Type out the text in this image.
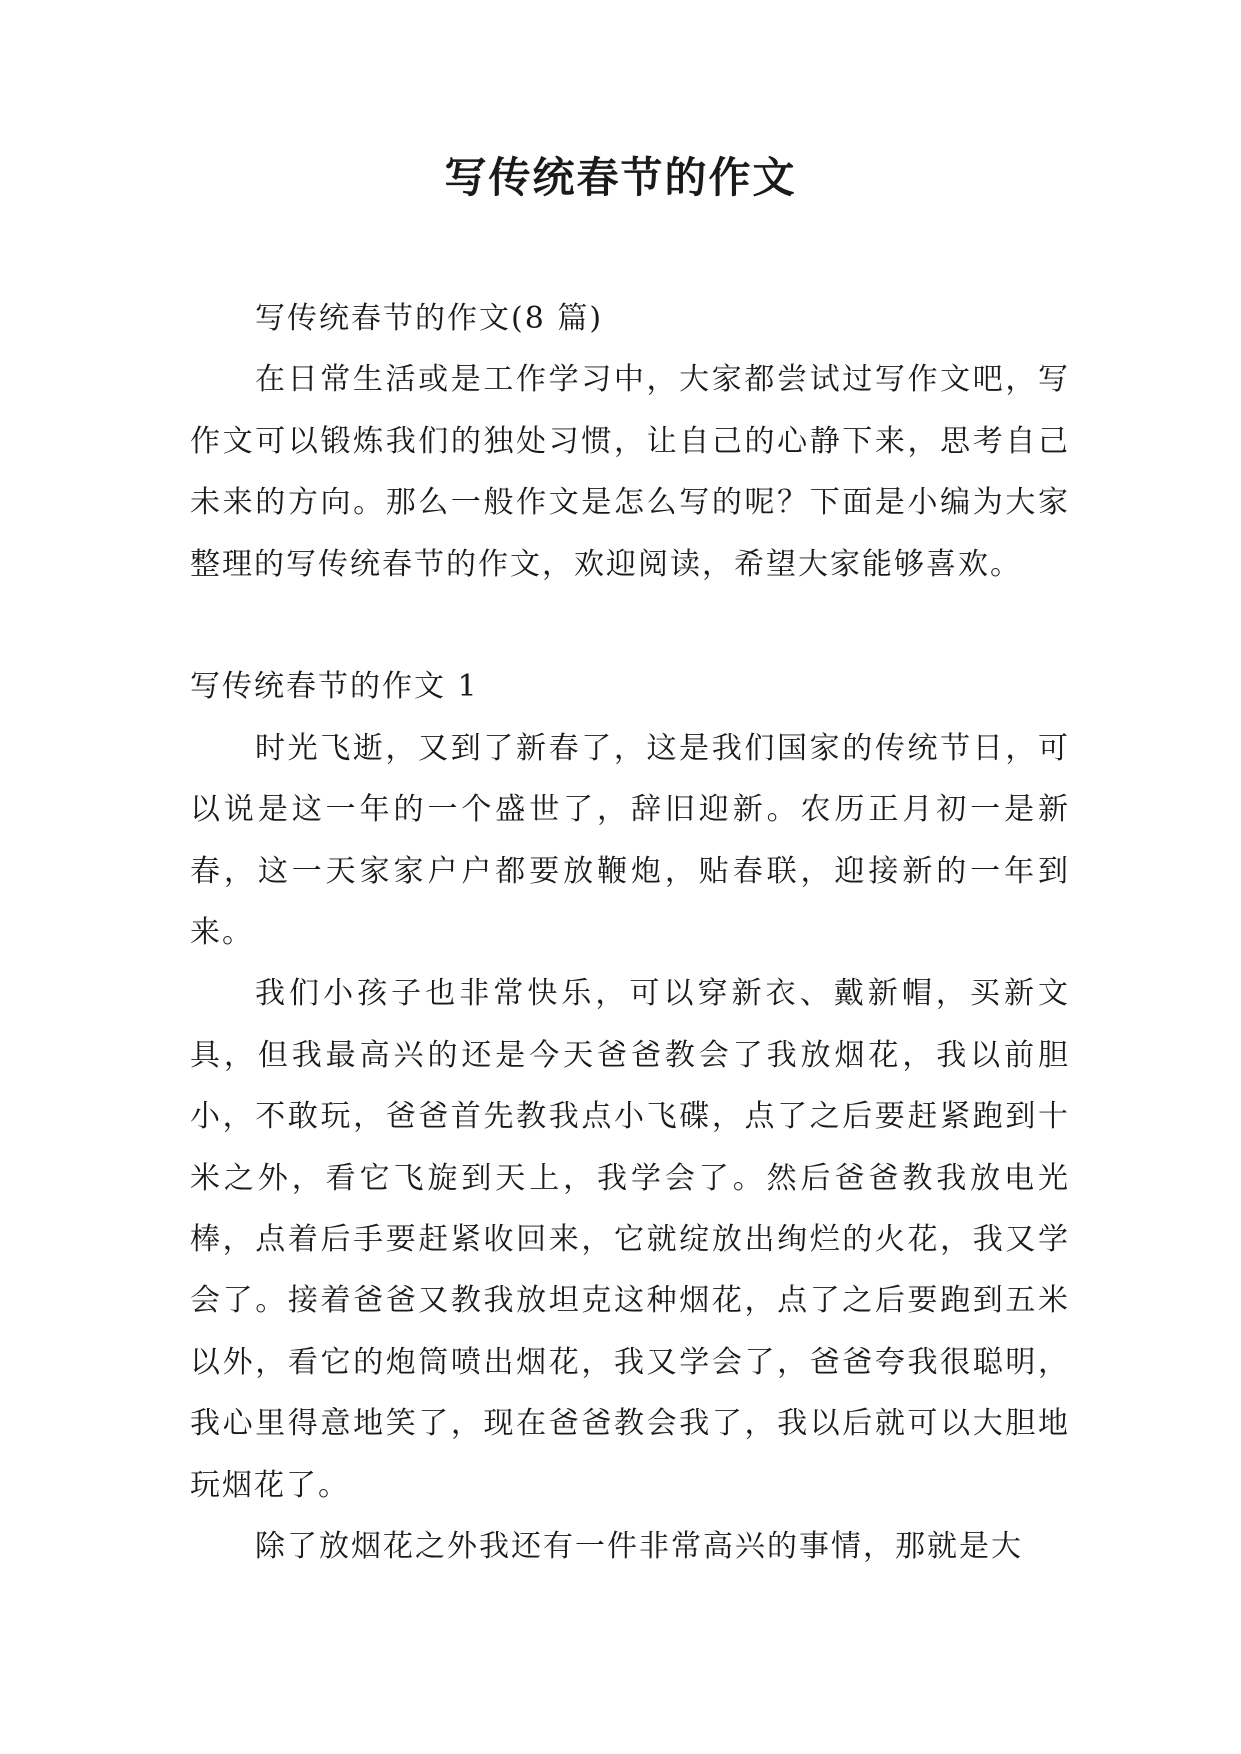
写传统春节的作文

写传统春节的作文(8 篇)

在日常生活或是工作学习中，大家都尝试过写作文吧，写作文可以锻炼我们的独处习惯，让自己的心静下来，思考自己未来的方向。那么一般作文是怎么写的呢？下面是小编为大家整理的写传统春节的作文，欢迎阅读，希望大家能够喜欢。

写传统春节的作文 1

时光飞逝，又到了新春了，这是我们国家的传统节日，可以说是这一年的一个盛世了，辞旧迎新。农历正月初一是新春，这一天家家户户都要放鞭炮，贴春联，迎接新的一年到来。

我们小孩子也非常快乐，可以穿新衣、戴新帽，买新文具，但我最高兴的还是今天爸爸教会了我放烟花，我以前胆小，不敢玩，爸爸首先教我点小飞碟，点了之后要赶紧跑到十米之外，看它飞旋到天上，我学会了。然后爸爸教我放电光棒，点着后手要赶紧收回来，它就绽放出绚烂的火花，我又学会了。接着爸爸又教我放坦克这种烟花，点了之后要跑到五米以外，看它的炮筒喷出烟花，我又学会了，爸爸夸我很聪明，我心里得意地笑了，现在爸爸教会我了，我以后就可以大胆地玩烟花了。

除了放烟花之外我还有一件非常高兴的事情，那就是大
